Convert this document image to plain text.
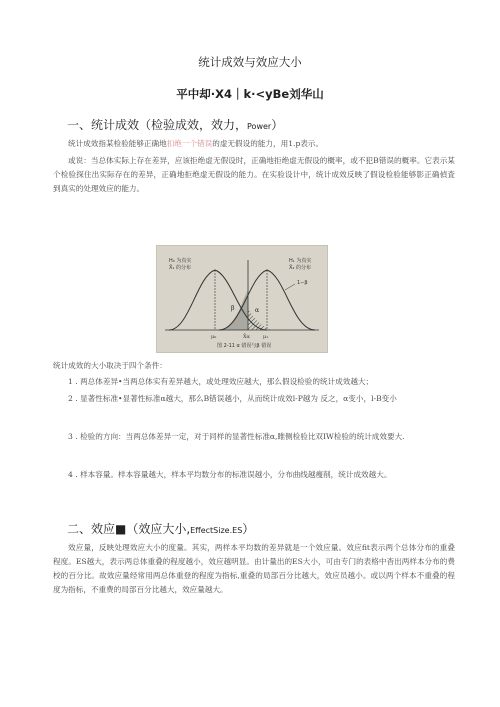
统计成效与效应大小
平中却·X4｜k·<yBe刘华山
一、统计成效（检验成效，效力，Power）
统计成效指某检验能够正确地扣绝一个错误的虚无假设的能力，用1.p表示。
或说：当总体实际上存在差异，应该拒绝虚无假设时，正确地拒绝虚无假设的概率，或不犯B错误的概率。它表示某个检验探住出实际存在的差异，正确地拒绝虚无假设的能力。在实验设计中，统计成效反映了假设检验能够影正确偵査到真实的处理效应的能力。
H₀ 为真实
X̄₁ 的分布
H₁ 为真实
X̄₂ 的分布
β	α
1−β
μ₀	X̄α	μ₁
图 2-11 α 错误与β 错误
统计成效的大小取决于四个条件：
1 . 两总体差异•当两总体实有差异越大，或处理效应越大，那么假设检验的统计成效越大；
2 . 显著性标准•显著性标准α越大，那么B错误越小，从而统计成效l-P越为 反之，α变小，l-B变小
3 . 检验的方向：当两总体差异一定，对于同样的显著性标准α,睢侧检验比双IW检验的统计成效要大.
4 . 样本容量。样本容量越大，样本平均数分布的标准误越小，分布曲线越瘦削，统计成效越大。
二、效应■（效应大小,EffectSize.ES）
效应量，反映处理效应大小的度量。其实，两样本平均数的差异就是一个效应量。效应fit表示两个总体分布的重叠程度。ES越大，表示两总体重叠的程度越小，效应越明显。由计量出的ES大小，可由专门的表格中杳出两样本分布的费校的百分比。故效应量经常用两总体重登的程度为指标,重叠的局部百分比越大，效应员越小。或以两个样本不重叠的程度为指标，不重费的局部百分比越大，效应量越大。
